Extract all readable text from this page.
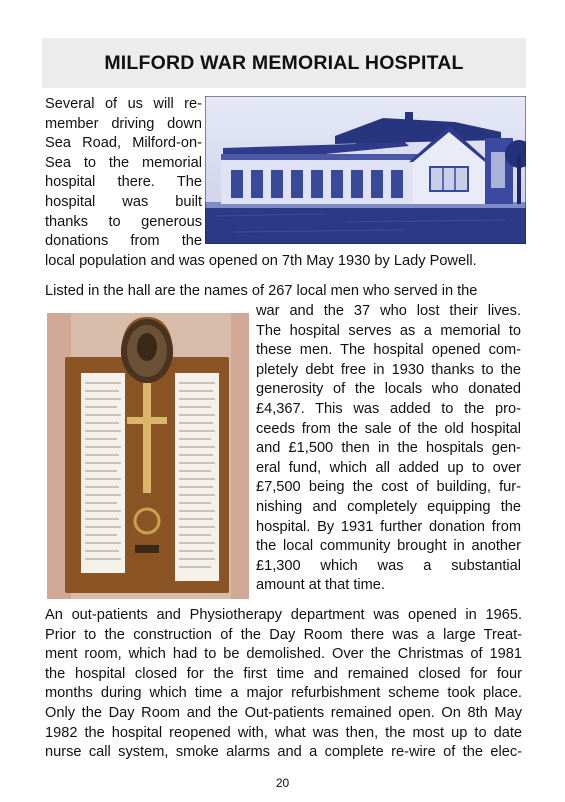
MILFORD WAR MEMORIAL HOSPITAL
Several of us will re-
member driving down
Sea Road, Milford-on-
Sea to the memorial
hospital there. The
hospital was built
thanks to generous
donations from the
local population and was opened on 7th May 1930 by Lady Powell.
Listed in the hall are the names of 267 local men who served in the
war and the 37 who lost their lives.
The hospital serves as a memorial to
these men. The hospital opened com-
pletely debt free in 1930 thanks to the
generosity of the locals who donated
£4,367. This was added to the pro-
ceeds from the sale of the old hospital
and £1,500 then in the hospitals gen-
eral fund, which all added up to over
£7,500 being the cost of building, fur-
nishing and completely equipping the
hospital. By 1931 further donation from
the local community brought in another
£1,300 which was a substantial
amount at that time.
An out-patients and Physiotherapy department was opened in 1965.
Prior to the construction of the Day Room there was a large Treat-
ment room, which had to be demolished. Over the Christmas of 1981
the hospital closed for the first time and remained closed for four
months during which time a major refurbishment scheme took place.
Only the Day Room and the Out-patients remained open. On 8th May
1982 the hospital reopened with, what was then, the most up to date
nurse call system, smoke alarms and a complete re-wire of the elec-
20
